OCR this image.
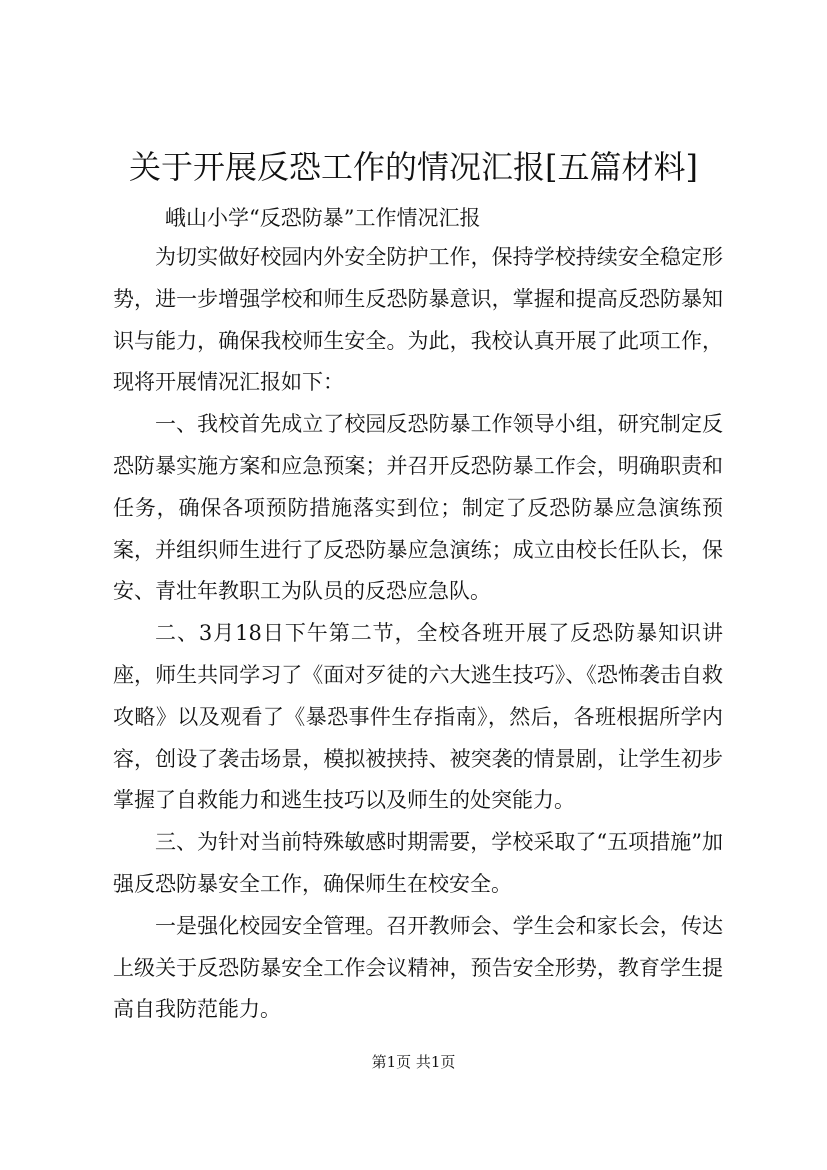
关于开展反恐工作的情况汇报[五篇材料]

峨山小学“反恐防暴”工作情况汇报

为切实做好校园内外安全防护工作，保持学校持续安全稳定形势，进一步增强学校和师生反恐防暴意识，掌握和提高反恐防暴知识与能力，确保我校师生安全。为此，我校认真开展了此项工作，现将开展情况汇报如下：

一、我校首先成立了校园反恐防暴工作领导小组，研究制定反恐防暴实施方案和应急预案；并召开反恐防暴工作会，明确职责和任务，确保各项预防措施落实到位；制定了反恐防暴应急演练预案，并组织师生进行了反恐防暴应急演练；成立由校长任队长，保安、青壮年教职工为队员的反恐应急队。

二、3月18日下午第二节，全校各班开展了反恐防暴知识讲座，师生共同学习了《面对歹徒的六大逃生技巧》、《恐怖袭击自救攻略》以及观看了《暴恐事件生存指南》，然后，各班根据所学内容，创设了袭击场景，模拟被挟持、被突袭的情景剧，让学生初步掌握了自救能力和逃生技巧以及师生的处突能力。

三、为针对当前特殊敏感时期需要，学校采取了“五项措施”加强反恐防暴安全工作，确保师生在校安全。

一是强化校园安全管理。召开教师会、学生会和家长会，传达上级关于反恐防暴安全工作会议精神，预告安全形势，教育学生提高自我防范能力。

第1页 共1页
